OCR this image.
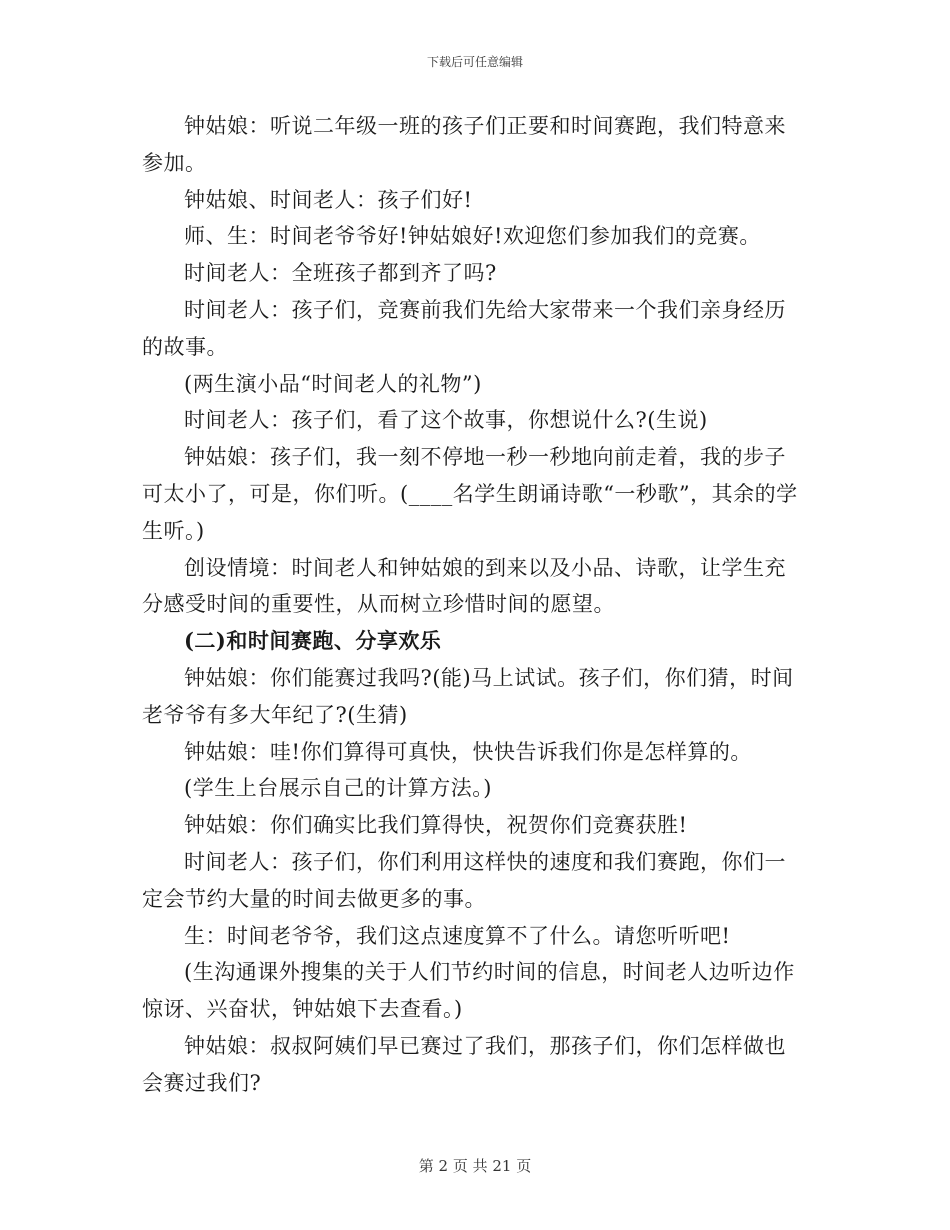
下载后可任意编辑

钟姑娘：听说二年级一班的孩子们正要和时间赛跑，我们特意来参加。

钟姑娘、时间老人：孩子们好!

师、生：时间老爷爷好!钟姑娘好!欢迎您们参加我们的竞赛。

时间老人：全班孩子都到齐了吗?

时间老人：孩子们，竞赛前我们先给大家带来一个我们亲身经历的故事。

(两生演小品“时间老人的礼物”)

时间老人：孩子们，看了这个故事，你想说什么?(生说)

钟姑娘：孩子们，我一刻不停地一秒一秒地向前走着，我的步子可太小了，可是，你们听。(____名学生朗诵诗歌“一秒歌”，其余的学生听。)

创设情境：时间老人和钟姑娘的到来以及小品、诗歌，让学生充分感受时间的重要性，从而树立珍惜时间的愿望。

(二)和时间赛跑、分享欢乐

钟姑娘：你们能赛过我吗?(能)马上试试。孩子们，你们猜，时间老爷爷有多大年纪了?(生猜)

钟姑娘：哇!你们算得可真快，快快告诉我们你是怎样算的。

(学生上台展示自己的计算方法。)

钟姑娘：你们确实比我们算得快，祝贺你们竞赛获胜!

时间老人：孩子们，你们利用这样快的速度和我们赛跑，你们一定会节约大量的时间去做更多的事。

生：时间老爷爷，我们这点速度算不了什么。请您听听吧!

(生沟通课外搜集的关于人们节约时间的信息，时间老人边听边作惊讶、兴奋状，钟姑娘下去查看。)

钟姑娘：叔叔阿姨们早已赛过了我们，那孩子们，你们怎样做也会赛过我们?

第 2 页 共 21 页
